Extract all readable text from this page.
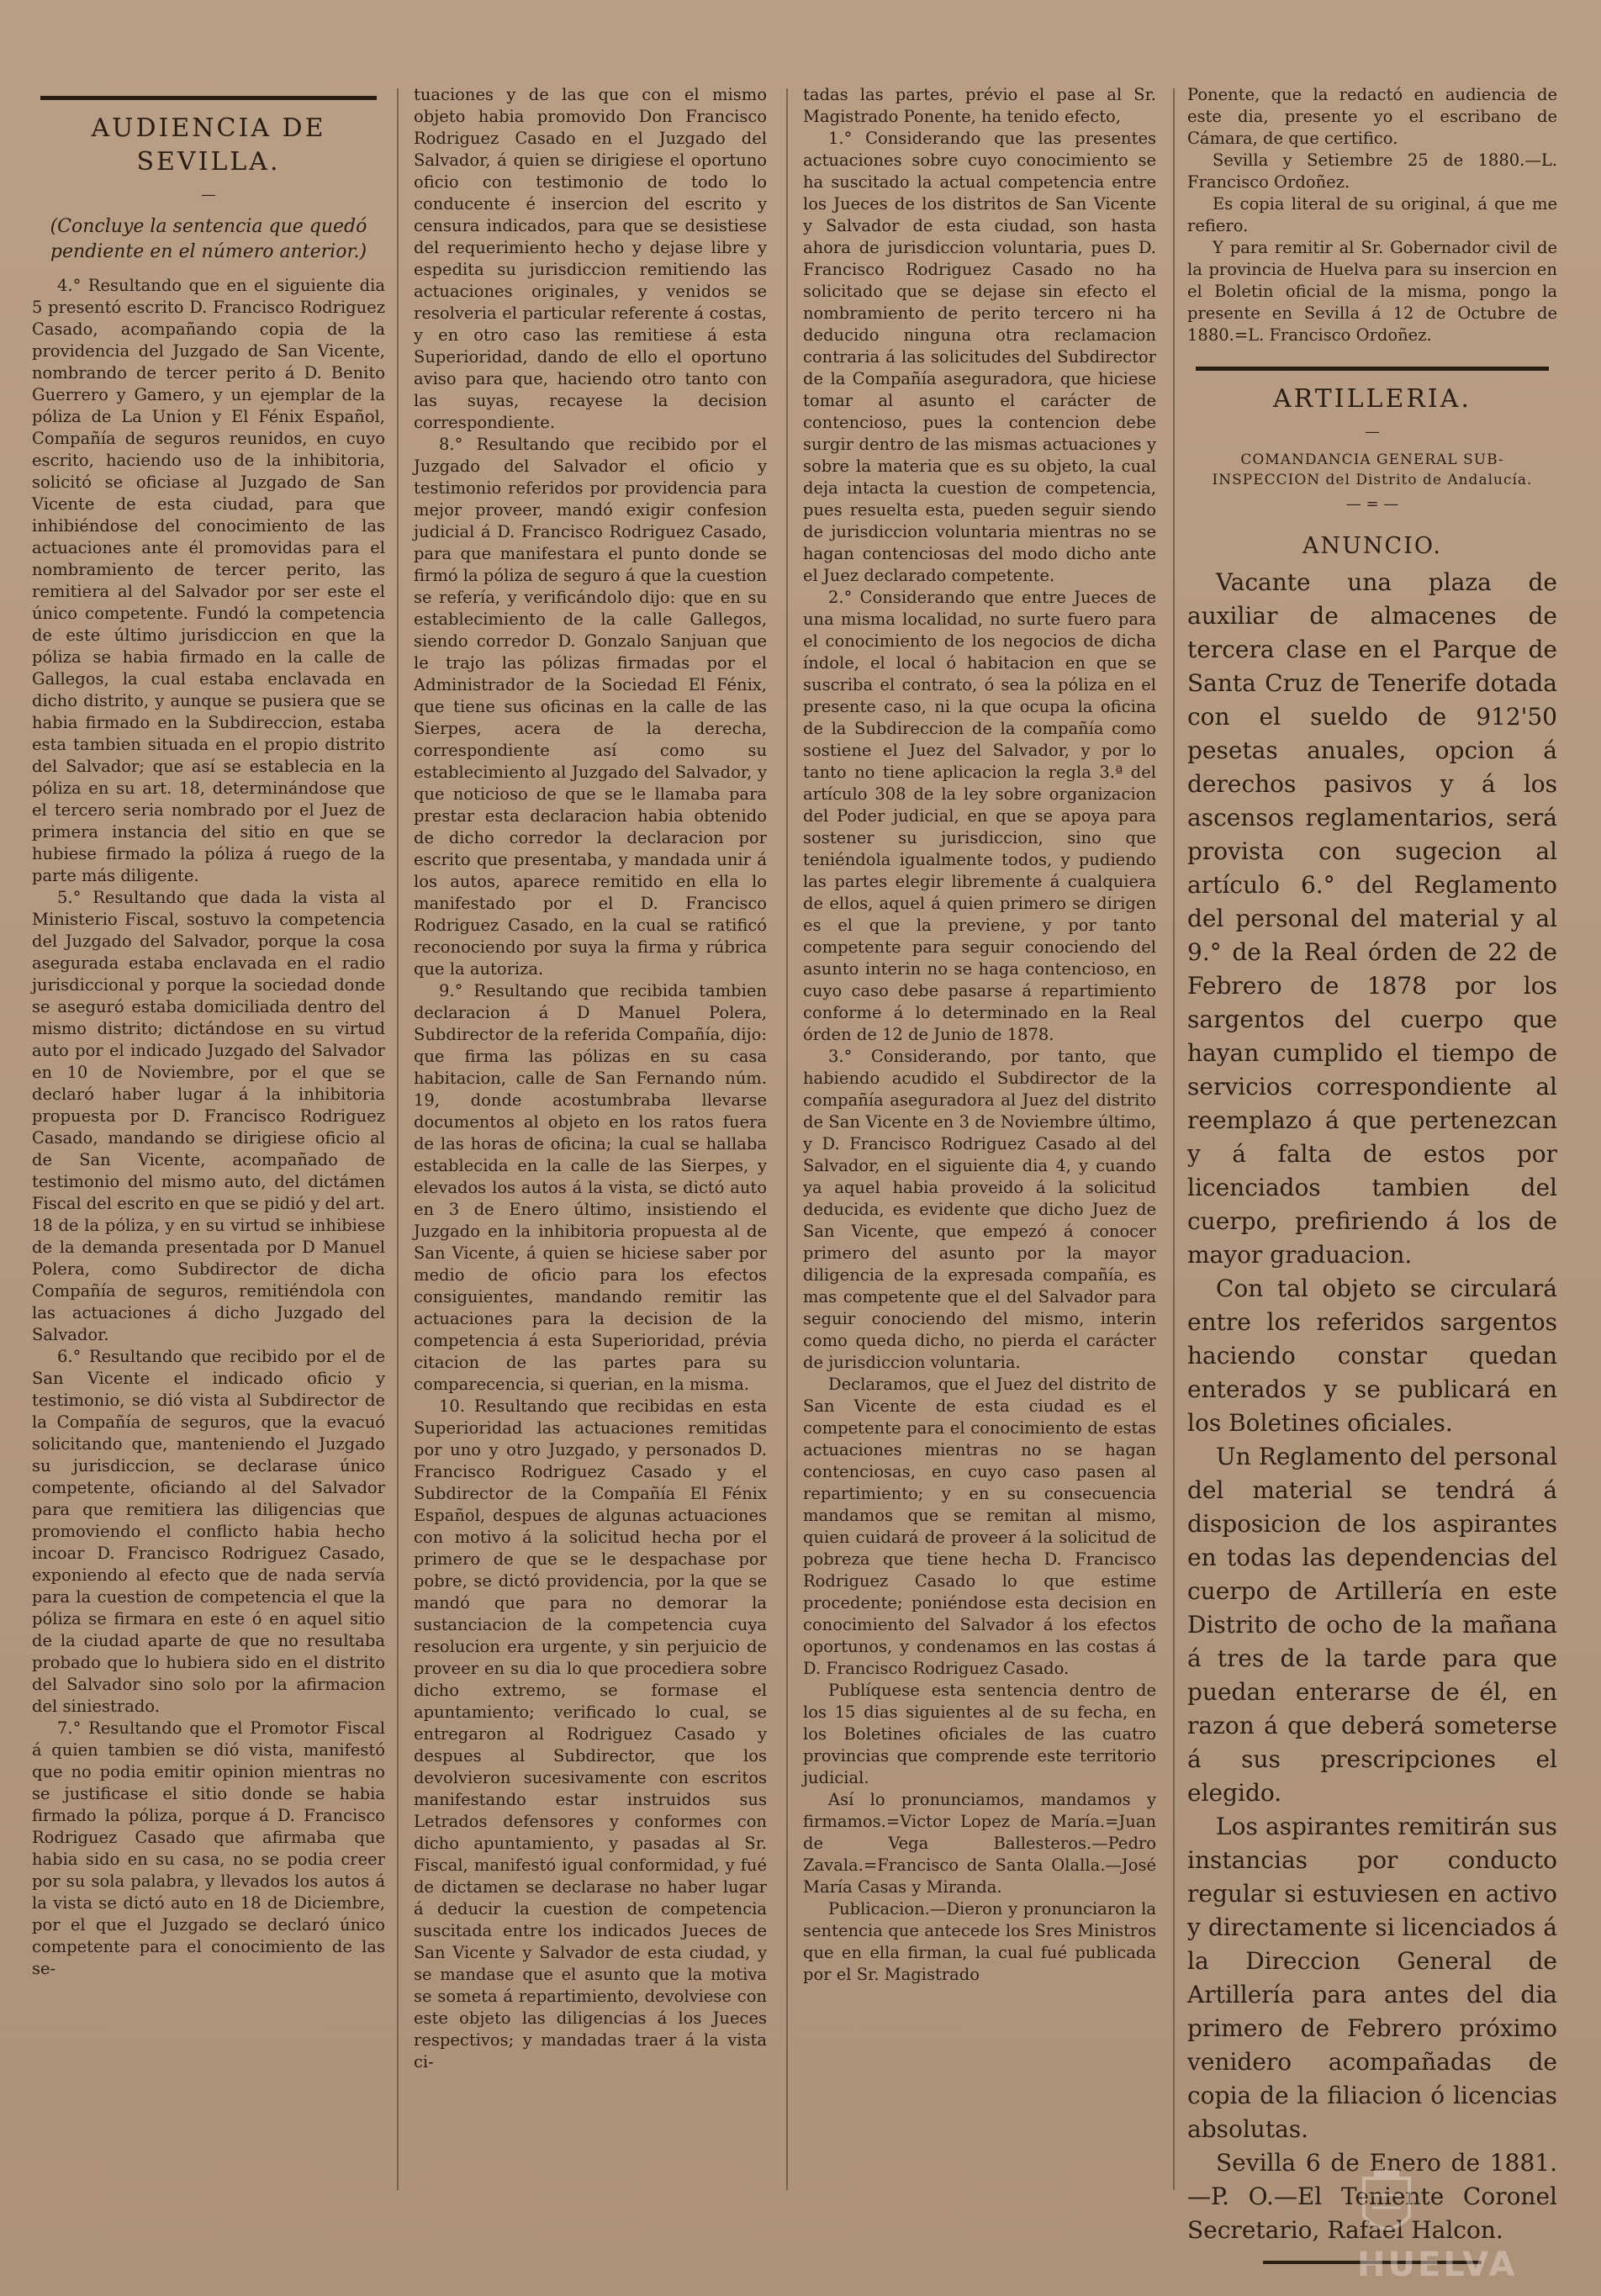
AUDIENCIA DE SEVILLA.
—
(Concluye la sentencia que quedó pendiente en el número anterior.)

4.° Resultando que en el siguiente dia 5 presentó escrito D. Francisco Rodriguez Casado, acompañando copia de la providencia del Juzgado de San Vicente, nombrando de tercer perito á D. Benito Guerrero y Gamero, y un ejemplar de la póliza de La Union y El Fénix Español, Compañía de seguros reunidos, en cuyo escrito, haciendo uso de la inhibitoria, solicitó se oficiase al Juzgado de San Vicente de esta ciudad, para que inhibiéndose del conocimiento de las actuaciones ante él promovidas para el nombramiento de tercer perito, las remitiera al del Salvador por ser este el único competente. Fundó la competencia de este último jurisdiccion en que la póliza se habia firmado en la calle de Gallegos, la cual estaba enclavada en dicho distrito, y aunque se pusiera que se habia firmado en la Subdireccion, estaba esta tambien situada en el propio distrito del Salvador; que así se establecia en la póliza en su art. 18, determinándose que el tercero seria nombrado por el Juez de primera instancia del sitio en que se hubiese firmado la póliza á ruego de la parte más diligente.

5.° Resultando que dada la vista al Ministerio Fiscal, sostuvo la competencia del Juzgado del Salvador, porque la cosa asegurada estaba enclavada en el radio jurisdiccional y porque la sociedad donde se aseguró estaba domiciliada dentro del mismo distrito; dictándose en su virtud auto por el indicado Juzgado del Salvador en 10 de Noviembre, por el que se declaró haber lugar á la inhibitoria propuesta por D. Francisco Rodriguez Casado, mandando se dirigiese oficio al de San Vicente, acompañado de testimonio del mismo auto, del dictámen Fiscal del escrito en que se pidió y del art. 18 de la póliza, y en su virtud se inhibiese de la demanda presentada por D Manuel Polera, como Subdirector de dicha Compañía de seguros, remitiéndola con las actuaciones á dicho Juzgado del Salvador.

6.° Resultando que recibido por el de San Vicente el indicado oficio y testimonio, se dió vista al Subdirector de la Compañía de seguros, que la evacuó solicitando que, manteniendo el Juzgado su jurisdiccion, se declarase único competente, oficiando al del Salvador para que remitiera las diligencias que promoviendo el conflicto habia hecho incoar D. Francisco Rodriguez Casado, exponiendo al efecto que de nada servía para la cuestion de competencia el que la póliza se firmara en este ó en aquel sitio de la ciudad aparte de que no resultaba probado que lo hubiera sido en el distrito del Salvador sino solo por la afirmacion del siniestrado.

7.° Resultando que el Promotor Fiscal á quien tambien se dió vista, manifestó que no podia emitir opinion mientras no se justificase el sitio donde se habia firmado la póliza, porque á D. Francisco Rodriguez Casado que afirmaba que habia sido en su casa, no se podia creer por su sola palabra, y llevados los autos á la vista se dictó auto en 18 de Diciembre, por el que el Juzgado se declaró único competente para el conocimiento de las se-

tuaciones y de las que con el mismo objeto habia promovido Don Francisco Rodriguez Casado en el Juzgado del Salvador, á quien se dirigiese el oportuno oficio con testimonio de todo lo conducente é insercion del escrito y censura indicados, para que se desistiese del requerimiento hecho y dejase libre y espedita su jurisdiccion remitiendo las actuaciones originales, y venidos se resolveria el particular referente á costas, y en otro caso las remitiese á esta Superioridad, dando de ello el oportuno aviso para que, haciendo otro tanto con las suyas, recayese la decision correspondiente.

8.° Resultando que recibido por el Juzgado del Salvador el oficio y testimonio referidos por providencia para mejor proveer, mandó exigir confesion judicial á D. Francisco Rodriguez Casado, para que manifestara el punto donde se firmó la póliza de seguro á que la cuestion se refería, y verificándolo dijo: que en su establecimiento de la calle Gallegos, siendo corredor D. Gonzalo Sanjuan que le trajo las pólizas firmadas por el Administrador de la Sociedad El Fénix, que tiene sus oficinas en la calle de las Sierpes, acera de la derecha, correspondiente así como su establecimiento al Juzgado del Salvador, y que noticioso de que se le llamaba para prestar esta declaracion habia obtenido de dicho corredor la declaracion por escrito que presentaba, y mandada unir á los autos, aparece remitido en ella lo manifestado por el D. Francisco Rodriguez Casado, en la cual se ratificó reconociendo por suya la firma y rúbrica que la autoriza.

9.° Resultando que recibida tambien declaracion á D Manuel Polera, Subdirector de la referida Compañía, dijo: que firma las pólizas en su casa habitacion, calle de San Fernando núm. 19, donde acostumbraba llevarse documentos al objeto en los ratos fuera de las horas de oficina; la cual se hallaba establecida en la calle de las Sierpes, y elevados los autos á la vista, se dictó auto en 3 de Enero último, insistiendo el Juzgado en la inhibitoria propuesta al de San Vicente, á quien se hiciese saber por medio de oficio para los efectos consiguientes, mandando remitir las actuaciones para la decision de la competencia á esta Superioridad, prévia citacion de las partes para su comparecencia, si querian, en la misma.

10. Resultando que recibidas en esta Superioridad las actuaciones remitidas por uno y otro Juzgado, y personados D. Francisco Rodriguez Casado y el Subdirector de la Compañía El Fénix Español, despues de algunas actuaciones con motivo á la solicitud hecha por el primero de que se le despachase por pobre, se dictó providencia, por la que se mandó que para no demorar la sustanciacion de la competencia cuya resolucion era urgente, y sin perjuicio de proveer en su dia lo que procediera sobre dicho extremo, se formase el apuntamiento; verificado lo cual, se entregaron al Rodriguez Casado y despues al Subdirector, que los devolvieron sucesivamente con escritos manifestando estar instruidos sus Letrados defensores y conformes con dicho apuntamiento, y pasadas al Sr. Fiscal, manifestó igual conformidad, y fué de dictamen se declarase no haber lugar á deducir la cuestion de competencia suscitada entre los indicados Jueces de San Vicente y Salvador de esta ciudad, y se mandase que el asunto que la motiva se someta á repartimiento, devolviese con este objeto las diligencias á los Jueces respectivos; y mandadas traer á la vista ci-

tadas las partes, prévio el pase al Sr. Magistrado Ponente, ha tenido efecto,

1.° Considerando que las presentes actuaciones sobre cuyo conocimiento se ha suscitado la actual competencia entre los Jueces de los distritos de San Vicente y Salvador de esta ciudad, son hasta ahora de jurisdiccion voluntaria, pues D. Francisco Rodriguez Casado no ha solicitado que se dejase sin efecto el nombramiento de perito tercero ni ha deducido ninguna otra reclamacion contraria á las solicitudes del Subdirector de la Compañía aseguradora, que hiciese tomar al asunto el carácter de contencioso, pues la contencion debe surgir dentro de las mismas actuaciones y sobre la materia que es su objeto, la cual deja intacta la cuestion de competencia, pues resuelta esta, pueden seguir siendo de jurisdiccion voluntaria mientras no se hagan contenciosas del modo dicho ante el Juez declarado competente.

2.° Considerando que entre Jueces de una misma localidad, no surte fuero para el conocimiento de los negocios de dicha índole, el local ó habitacion en que se suscriba el contrato, ó sea la póliza en el presente caso, ni la que ocupa la oficina de la Subdireccion de la compañía como sostiene el Juez del Salvador, y por lo tanto no tiene aplicacion la regla 3.ª del artículo 308 de la ley sobre organizacion del Poder judicial, en que se apoya para sostener su jurisdiccion, sino que teniéndola igualmente todos, y pudiendo las partes elegir libremente á cualquiera de ellos, aquel á quien primero se dirigen es el que la previene, y por tanto competente para seguir conociendo del asunto interin no se haga contencioso, en cuyo caso debe pasarse á repartimiento conforme á lo determinado en la Real órden de 12 de Junio de 1878.

3.° Considerando, por tanto, que habiendo acudido el Subdirector de la compañía aseguradora al Juez del distrito de San Vicente en 3 de Noviembre último, y D. Francisco Rodriguez Casado al del Salvador, en el siguiente dia 4, y cuando ya aquel habia proveido á la solicitud deducida, es evidente que dicho Juez de San Vicente, que empezó á conocer primero del asunto por la mayor diligencia de la expresada compañía, es mas competente que el del Salvador para seguir conociendo del mismo, interin como queda dicho, no pierda el carácter de jurisdiccion voluntaria.

Declaramos, que el Juez del distrito de San Vicente de esta ciudad es el competente para el conocimiento de estas actuaciones mientras no se hagan contenciosas, en cuyo caso pasen al repartimiento; y en su consecuencia mandamos que se remitan al mismo, quien cuidará de proveer á la solicitud de pobreza que tiene hecha D. Francisco Rodriguez Casado lo que estime procedente; poniéndose esta decision en conocimiento del Salvador á los efectos oportunos, y condenamos en las costas á D. Francisco Rodriguez Casado.

Publíquese esta sentencia dentro de los 15 dias siguientes al de su fecha, en los Boletines oficiales de las cuatro provincias que comprende este territorio judicial.

Así lo pronunciamos, mandamos y firmamos.=Victor Lopez de María.=Juan de Vega Ballesteros.—Pedro Zavala.=Francisco de Santa Olalla.—José María Casas y Miranda.

Publicacion.—Dieron y pronunciaron la sentencia que antecede los Sres Ministros que en ella firman, la cual fué publicada por el Sr. Magistrado

Ponente, que la redactó en audiencia de este dia, presente yo el escribano de Cámara, de que certifico.

Sevilla y Setiembre 25 de 1880.—L. Francisco Ordoñez.

Es copia literal de su original, á que me refiero.

Y para remitir al Sr. Gobernador civil de la provincia de Huelva para su insercion en el Boletin oficial de la misma, pongo la presente en Sevilla á 12 de Octubre de 1880.=L. Francisco Ordoñez.

ARTILLERIA.
—
COMANDANCIA GENERAL SUB-INSPECCION del Distrito de Andalucía.
— = —
ANUNCIO.

Vacante una plaza de auxiliar de almacenes de tercera clase en el Parque de Santa Cruz de Tenerife dotada con el sueldo de 912'50 pesetas anuales, opcion á derechos pasivos y á los ascensos reglamentarios, será provista con sugecion al artículo 6.° del Reglamento del personal del material y al 9.° de la Real órden de 22 de Febrero de 1878 por los sargentos del cuerpo que hayan cumplido el tiempo de servicios correspondiente al reemplazo á que pertenezcan y á falta de estos por licenciados tambien del cuerpo, prefiriendo á los de mayor graduacion.

Con tal objeto se circulará entre los referidos sargentos haciendo constar quedan enterados y se publicará en los Boletines oficiales.

Un Reglamento del personal del material se tendrá á disposicion de los aspirantes en todas las dependencias del cuerpo de Artillería en este Distrito de ocho de la mañana á tres de la tarde para que puedan enterarse de él, en razon á que deberá someterse á sus prescripciones el elegido.

Los aspirantes remitirán sus instancias por conducto regular si estuviesen en activo y directamente si licenciados á la Direccion General de Artillería para antes del dia primero de Febrero próximo venidero acompañadas de copia de la filiacion ó licencias absolutas.

Sevilla 6 de Enero de 1881.—P. O.—El Teniente Coronel Secretario, Rafael Halcon.

HUELVA
